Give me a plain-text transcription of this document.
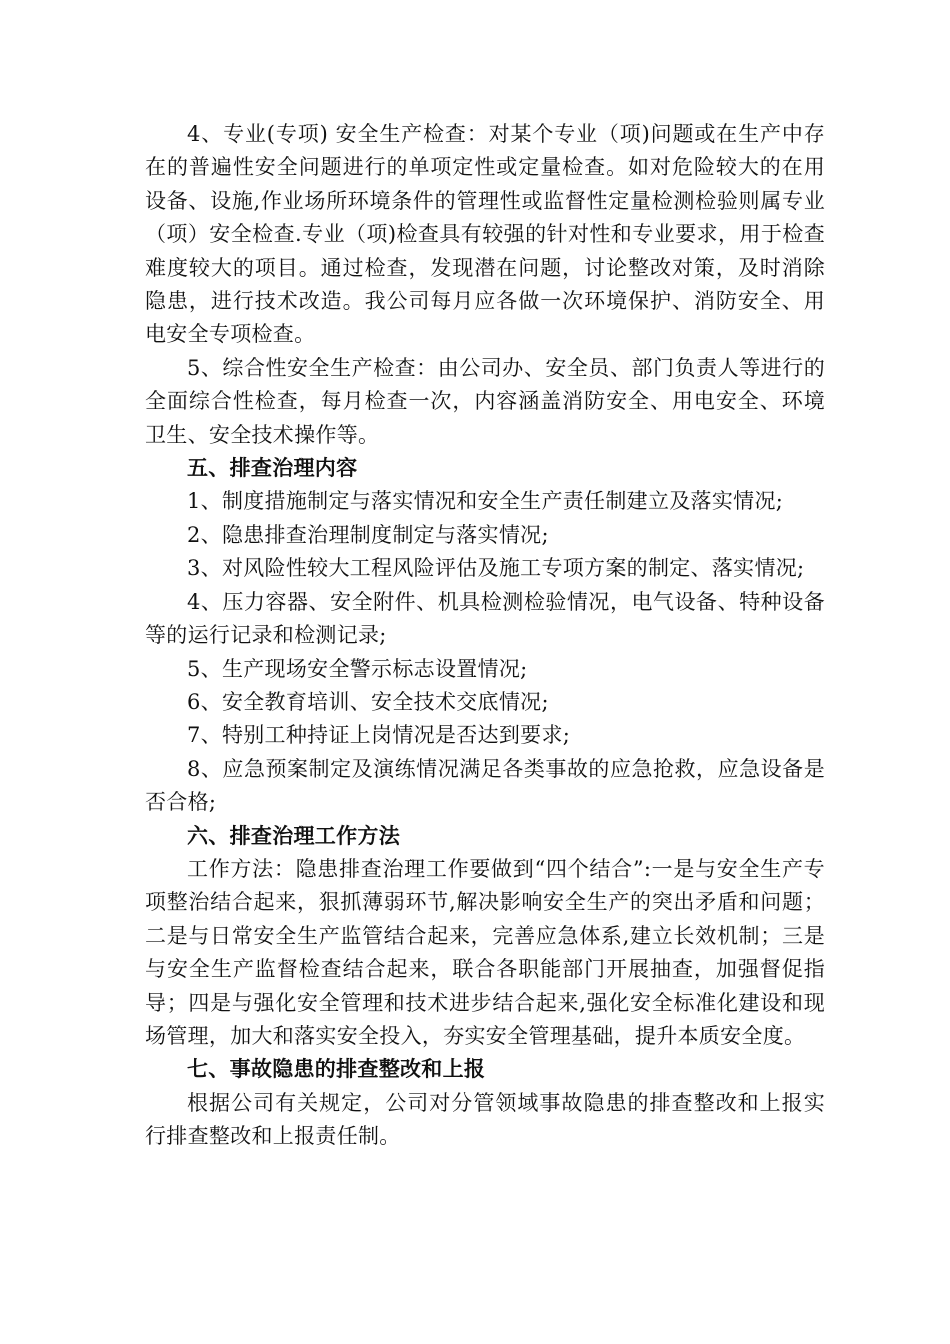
4、专业(专项) 安全生产检查：对某个专业（项)问题或在生产中存在的普遍性安全问题进行的单项定性或定量检查。如对危险较大的在用设备、设施,作业场所环境条件的管理性或监督性定量检测检验则属专业（项）安全检查.专业（项)检查具有较强的针对性和专业要求，用于检查难度较大的项目。通过检查，发现潜在问题，讨论整改对策，及时消除隐患，进行技术改造。我公司每月应各做一次环境保护、消防安全、用电安全专项检查。

5、综合性安全生产检查：由公司办、安全员、部门负责人等进行的全面综合性检查，每月检查一次，内容涵盖消防安全、用电安全、环境卫生、安全技术操作等。

五、排查治理内容

1、制度措施制定与落实情况和安全生产责任制建立及落实情况;

2、隐患排查治理制度制定与落实情况;

3、对风险性较大工程风险评估及施工专项方案的制定、落实情况;

4、压力容器、安全附件、机具检测检验情况，电气设备、特种设备等的运行记录和检测记录;

5、生产现场安全警示标志设置情况;

6、安全教育培训、安全技术交底情况;

7、特别工种持证上岗情况是否达到要求;

8、应急预案制定及演练情况满足各类事故的应急抢救，应急设备是否合格;

六、排查治理工作方法

工作方法：隐患排查治理工作要做到“四个结合”:一是与安全生产专项整治结合起来，狠抓薄弱环节,解决影响安全生产的突出矛盾和问题；二是与日常安全生产监管结合起来，完善应急体系,建立长效机制；三是与安全生产监督检查结合起来，联合各职能部门开展抽查，加强督促指导；四是与强化安全管理和技术进步结合起来,强化安全标准化建设和现场管理，加大和落实安全投入，夯实安全管理基础，提升本质安全度。

七、事故隐患的排查整改和上报

根据公司有关规定，公司对分管领域事故隐患的排查整改和上报实行排查整改和上报责任制。
